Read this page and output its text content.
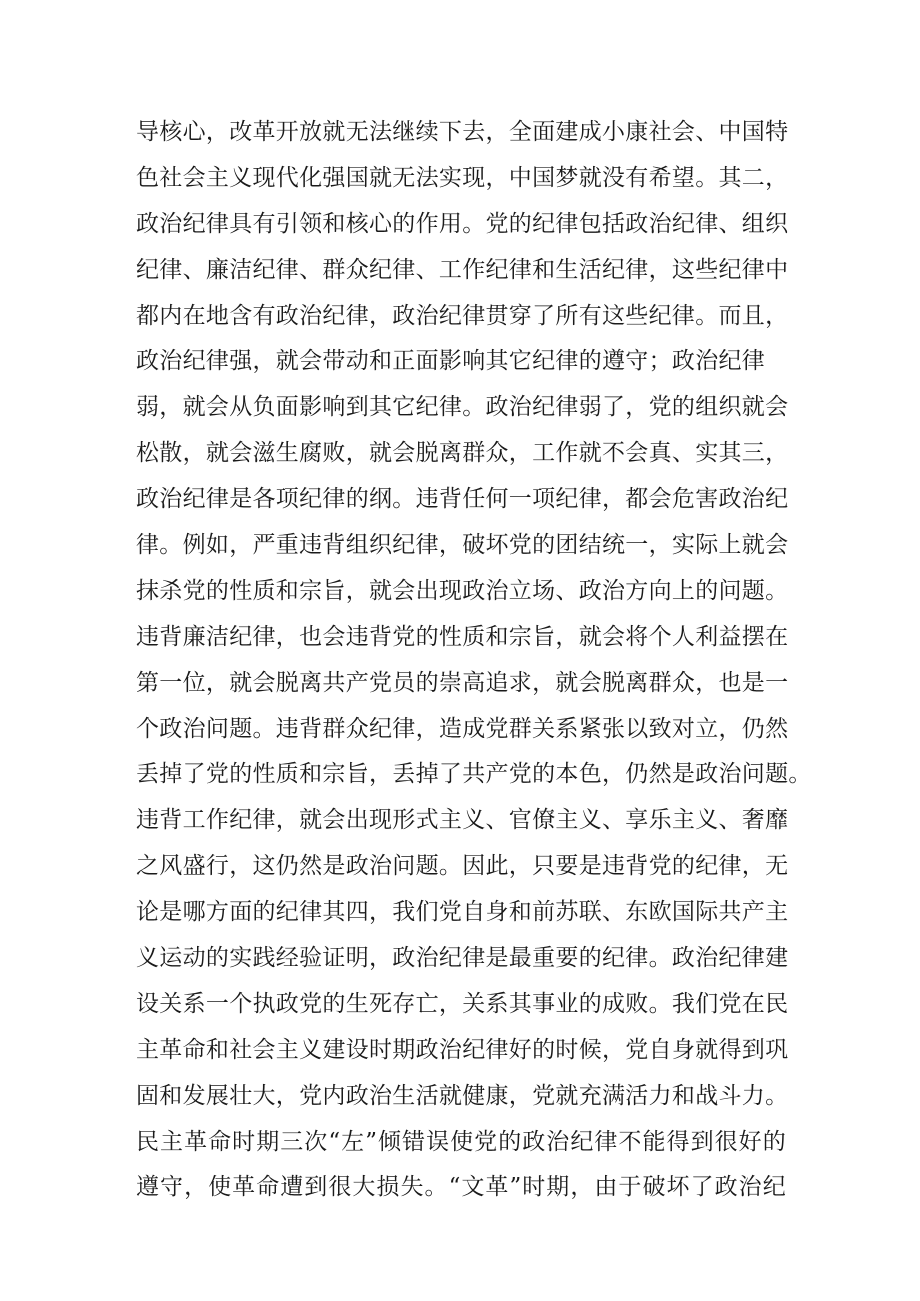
导核心，改革开放就无法继续下去，全面建成小康社会、中国特
色社会主义现代化强国就无法实现，中国梦就没有希望。其二，
政治纪律具有引领和核心的作用。党的纪律包括政治纪律、组织
纪律、廉洁纪律、群众纪律、工作纪律和生活纪律，这些纪律中
都内在地含有政治纪律，政治纪律贯穿了所有这些纪律。而且，
政治纪律强，就会带动和正面影响其它纪律的遵守；政治纪律
弱，就会从负面影响到其它纪律。政治纪律弱了，党的组织就会
松散，就会滋生腐败，就会脱离群众，工作就不会真、实其三，
政治纪律是各项纪律的纲。违背任何一项纪律，都会危害政治纪
律。例如，严重违背组织纪律，破坏党的团结统一，实际上就会
抹杀党的性质和宗旨，就会出现政治立场、政治方向上的问题。
违背廉洁纪律，也会违背党的性质和宗旨，就会将个人利益摆在
第一位，就会脱离共产党员的崇高追求，就会脱离群众，也是一
个政治问题。违背群众纪律，造成党群关系紧张以致对立，仍然
丢掉了党的性质和宗旨，丢掉了共产党的本色，仍然是政治问题。
违背工作纪律，就会出现形式主义、官僚主义、享乐主义、奢靡
之风盛行，这仍然是政治问题。因此，只要是违背党的纪律，无
论是哪方面的纪律其四，我们党自身和前苏联、东欧国际共产主
义运动的实践经验证明，政治纪律是最重要的纪律。政治纪律建
设关系一个执政党的生死存亡，关系其事业的成败。我们党在民
主革命和社会主义建设时期政治纪律好的时候，党自身就得到巩
固和发展壮大，党内政治生活就健康，党就充满活力和战斗力。
民主革命时期三次“左”倾错误使党的政治纪律不能得到很好的
遵守，使革命遭到很大损失。“文革”时期，由于破坏了政治纪
